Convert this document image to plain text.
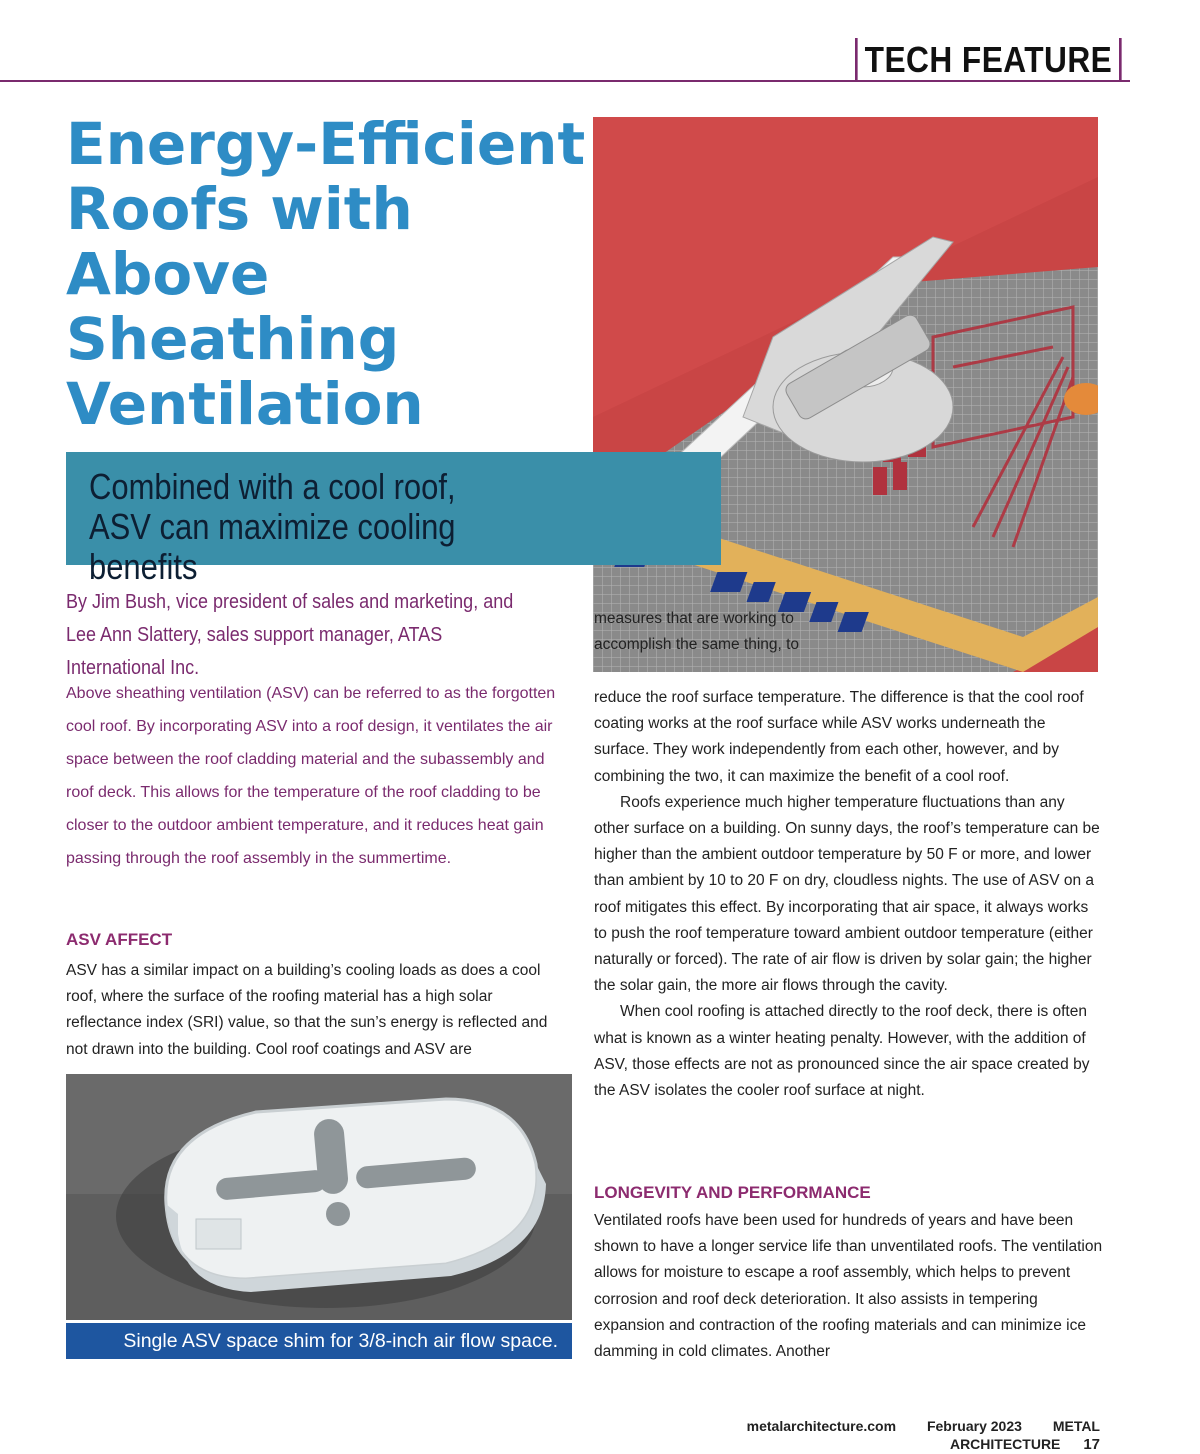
TECH FEATURE
Energy-Efficient Roofs with Above Sheathing Ventilation

Combined with a cool roof, ASV can maximize cooling benefits

By Jim Bush, vice president of sales and marketing, and Lee Ann Slattery, sales support manager, ATAS International Inc.

Above sheathing ventilation (ASV) can be referred to as the forgotten cool roof. By incorporating ASV into a roof design, it ventilates the air space between the roof cladding material and the subassembly and roof deck. This allows for the temperature of the roof cladding to be closer to the outdoor ambient temperature, and it reduces heat gain passing through the roof assembly in the summertime.

ASV AFFECT

ASV has a similar impact on a building’s cooling loads as does a cool roof, where the surface of the roofing material has a high solar reflectance index (SRI) value, so that the sun’s energy is reflected and not drawn into the building. Cool roof coatings and ASV are

Single ASV space shim for 3/8-inch air flow space.

measures that are working to accomplish the same thing, to

reduce the roof surface temperature. The difference is that the cool roof coating works at the roof surface while ASV works underneath the surface. They work independently from each other, however, and by combining the two, it can maximize the benefit of a cool roof.

Roofs experience much higher temperature fluctuations than any other surface on a building. On sunny days, the roof’s temperature can be higher than the ambient outdoor temperature by 50 F or more, and lower than ambient by 10 to 20 F on dry, cloudless nights. The use of ASV on a roof mitigates this effect. By incorporating that air space, it always works to push the roof temperature toward ambient outdoor temperature (either naturally or forced). The rate of air flow is driven by solar gain; the higher the solar gain, the more air flows through the cavity.

When cool roofing is attached directly to the roof deck, there is often what is known as a winter heating penalty. However, with the addition of ASV, those effects are not as pronounced since the air space created by the ASV isolates the cooler roof surface at night.

LONGEVITY AND PERFORMANCE

Ventilated roofs have been used for hundreds of years and have been shown to have a longer service life than unventilated roofs. The ventilation allows for moisture to escape a roof assembly, which helps to prevent corrosion and roof deck deterioration. It also assists in tempering expansion and contraction of the roofing materials and can minimize ice damming in cold climates. Another

metalarchitecture.com February 2023 METAL ARCHITECTURE 17
